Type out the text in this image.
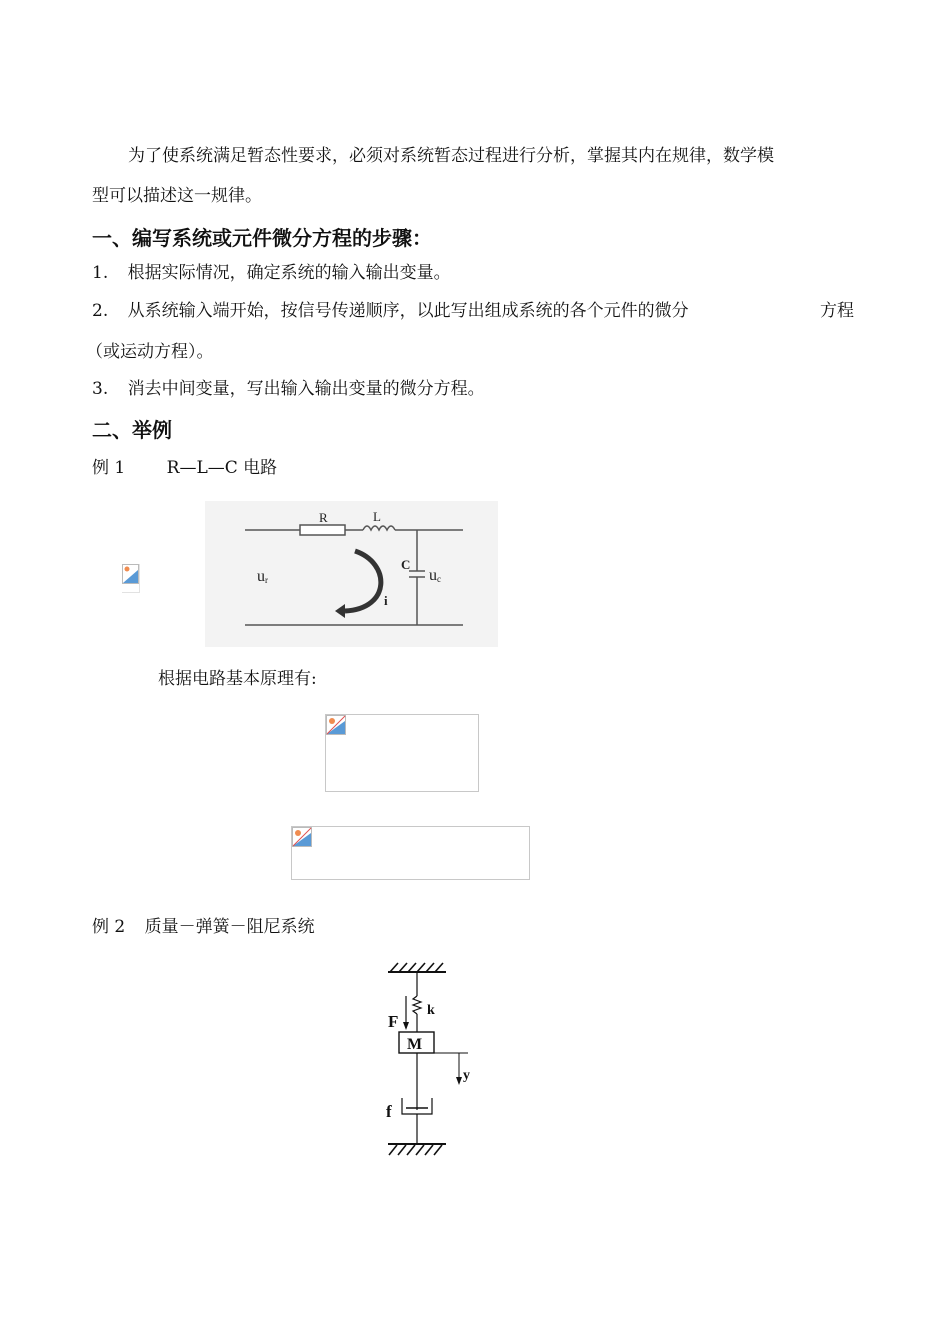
为了使系统满足暂态性要求，必须对系统暂态过程进行分析，掌握其内在规律，数学模
型可以描述这一规律。
一、编写系统或元件微分方程的步骤：
1. 根据实际情况，确定系统的输入输出变量。
2. 从系统输入端开始，按信号传递顺序，以此写出组成系统的各个元件的微分	方程
（或运动方程）。
3. 消去中间变量，写出输入输出变量的微分方程。
二、举例
例 1 R—L—C 电路
R	L
C
ur	uc
i
根据电路基本原理有:
例 2 质量－弹簧－阻尼系统
F
k
M
y
f
